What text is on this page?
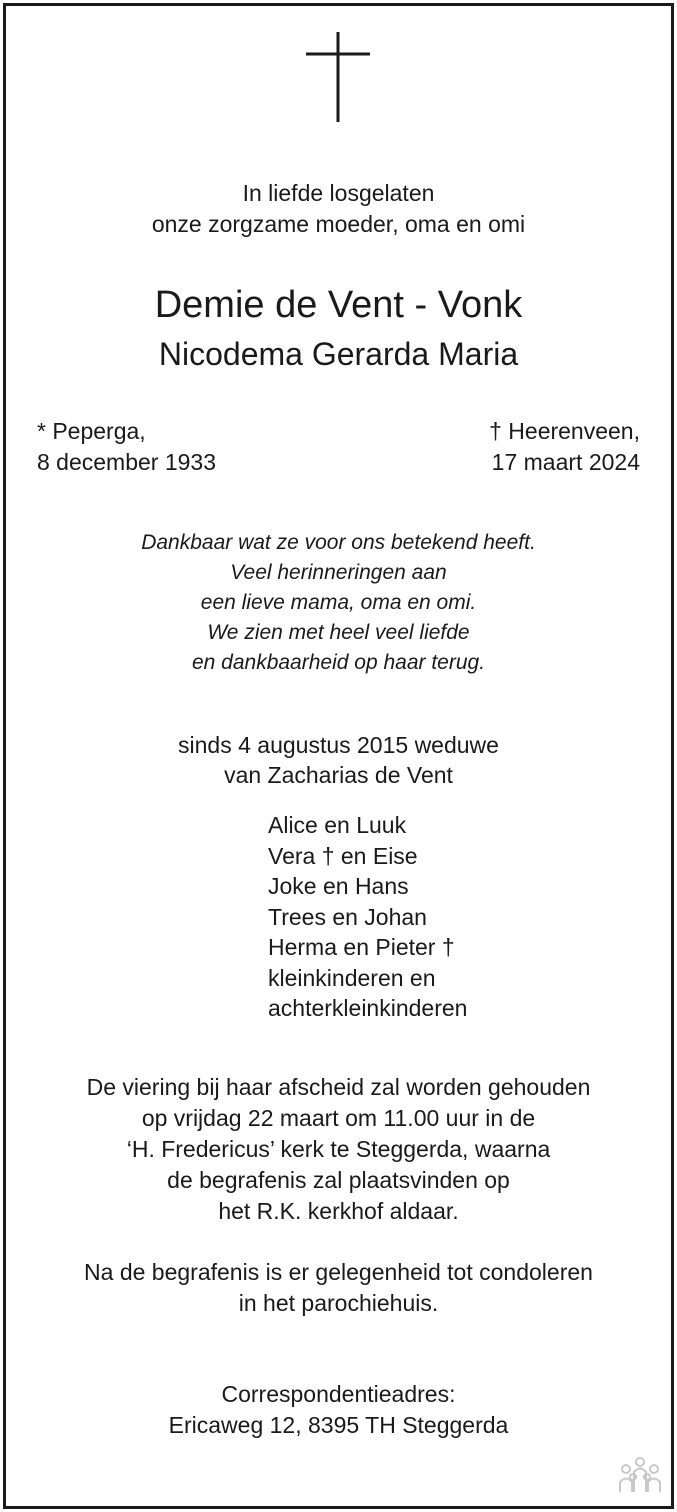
In liefde losgelaten
onze zorgzame moeder, oma en omi
Demie de Vent - Vonk
Nicodema Gerarda Maria
* Peperga,
8 december 1933
† Heerenveen,
17 maart 2024
Dankbaar wat ze voor ons betekend heeft.
Veel herinneringen aan
een lieve mama, oma en omi.
We zien met heel veel liefde
en dankbaarheid op haar terug.
sinds 4 augustus 2015 weduwe
van Zacharias de Vent
Alice en Luuk
Vera † en Eise
Joke en Hans
Trees en Johan
Herma en Pieter †
kleinkinderen en
achterkleinkinderen
De viering bij haar afscheid zal worden gehouden
op vrijdag 22 maart om 11.00 uur in de
‘H. Fredericus’ kerk te Steggerda, waarna
de begrafenis zal plaatsvinden op
het R.K. kerkhof aldaar.
Na de begrafenis is er gelegenheid tot condoleren
in het parochiehuis.
Correspondentieadres:
Ericaweg 12, 8395 TH Steggerda
